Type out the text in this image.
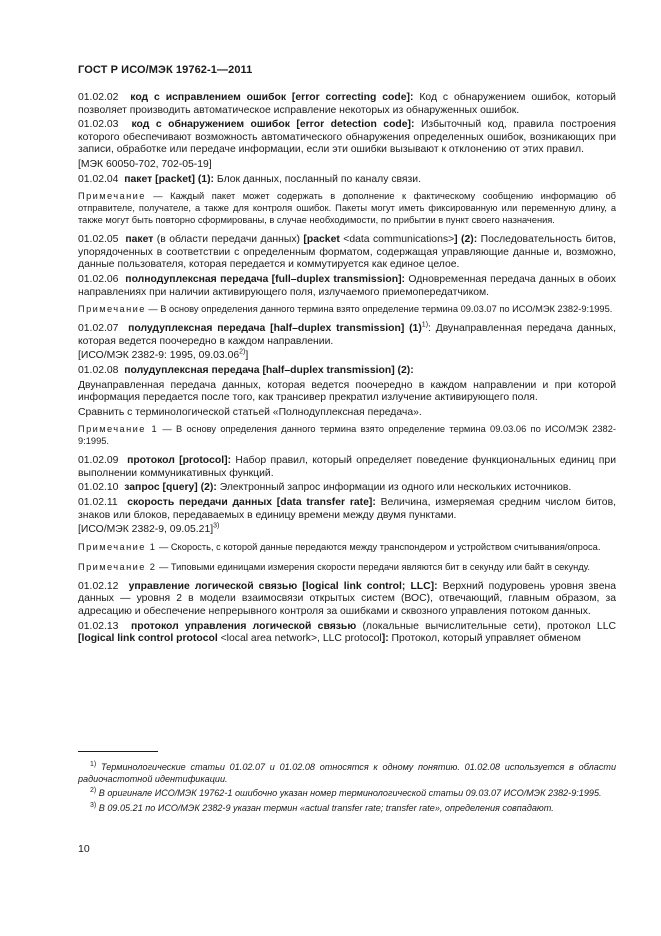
ГОСТ Р ИСО/МЭК 19762-1—2011

01.02.02 код с исправлением ошибок [error correcting code]: Код с обнаружением ошибок, который позволяет производить автоматическое исправление некоторых из обнаруженных ошибок.

01.02.03 код с обнаружением ошибок [error detection code]: Избыточный код, правила построения которого обеспечивают возможность автоматического обнаружения определенных ошибок, возникающих при записи, обработке или передаче информации, если эти ошибки вызывают к отклонению от этих правил.

[МЭК 60050-702, 702-05-19]

01.02.04 пакет [packet] (1): Блок данных, посланный по каналу связи.

Примечание — Каждый пакет может содержать в дополнение к фактическому сообщению информацию об отправителе, получателе, а также для контроля ошибок. Пакеты могут иметь фиксированную или переменную длину, а также могут быть повторно сформированы, в случае необходимости, по прибытии в пункт своего назначения.

01.02.05 пакет (в области передачи данных) [packet <data communications>] (2): Последовательность битов, упорядоченных в соответствии с определенным форматом, содержащая управляющие данные и, возможно, данные пользователя, которая передается и коммутируется как единое целое.

01.02.06 полнодуплексная передача [full–duplex transmission]: Одновременная передача данных в обоих направлениях при наличии активирующего поля, излучаемого приемопередатчиком.

Примечание — В основу определения данного термина взято определение термина 09.03.07 по ИСО/МЭК 2382-9:1995.

01.02.07 полудуплексная передача [half–duplex transmission] $(1)^{1)}$: Двунаправленная передача данных, которая ведется поочередно в каждом направлении.

[ИСО/МЭК 2382-9: 1995, 09.03.06$^{2)}$]

01.02.08 полудуплексная передача [half–duplex transmission] (2):

Двунаправленная передача данных, которая ведется поочередно в каждом направлении и при которой информация передается после того, как трансивер прекратил излучение активирующего поля.

Сравнить с терминологической статьей «Полнодуплексная передача».

Примечание 1 — В основу определения данного термина взято определение термина 09.03.06 по ИСО/МЭК 2382-9:1995.

01.02.09 протокол [protocol]: Набор правил, который определяет поведение функциональных единиц при выполнении коммуникативных функций.

01.02.10 запрос [query] (2): Электронный запрос информации из одного или нескольких источников.

01.02.11 скорость передачи данных [data transfer rate]: Величина, измеряемая средним числом битов, знаков или блоков, передаваемых в единицу времени между двумя пунктами.

[ИСО/МЭК 2382-9, 09.05.21]$^{3)}$

Примечание 1 — Скорость, с которой данные передаются между транспондером и устройством считывания/опроса.

Примечание 2 — Типовыми единицами измерения скорости передачи являются бит в секунду или байт в секунду.

01.02.12 управление логической связью [logical link control; LLC]: Верхний подуровень уровня звена данных — уровня 2 в модели взаимосвязи открытых систем (ВОС), отвечающий, главным образом, за адресацию и обеспечение непрерывного контроля за ошибками и сквозного управления потоком данных.

01.02.13 протокол управления логической связью (локальные вычислительные сети), протокол LLC [logical link control protocol <local area network>, LLC protocol]: Протокол, который управляет обменом

$^{1)}$ Терминологические статьи 01.02.07 и 01.02.08 относятся к одному понятию. 01.02.08 используется в области радиочастотной идентификации.

$^{2)}$ В оригинале ИСО/МЭК 19762-1 ошибочно указан номер терминологической статьи 09.03.07 ИСО/МЭК 2382-9:1995.

$^{3)}$ В 09.05.21 по ИСО/МЭК 2382-9 указан термин «actual transfer rate; transfer rate», определения совпадают.

10
